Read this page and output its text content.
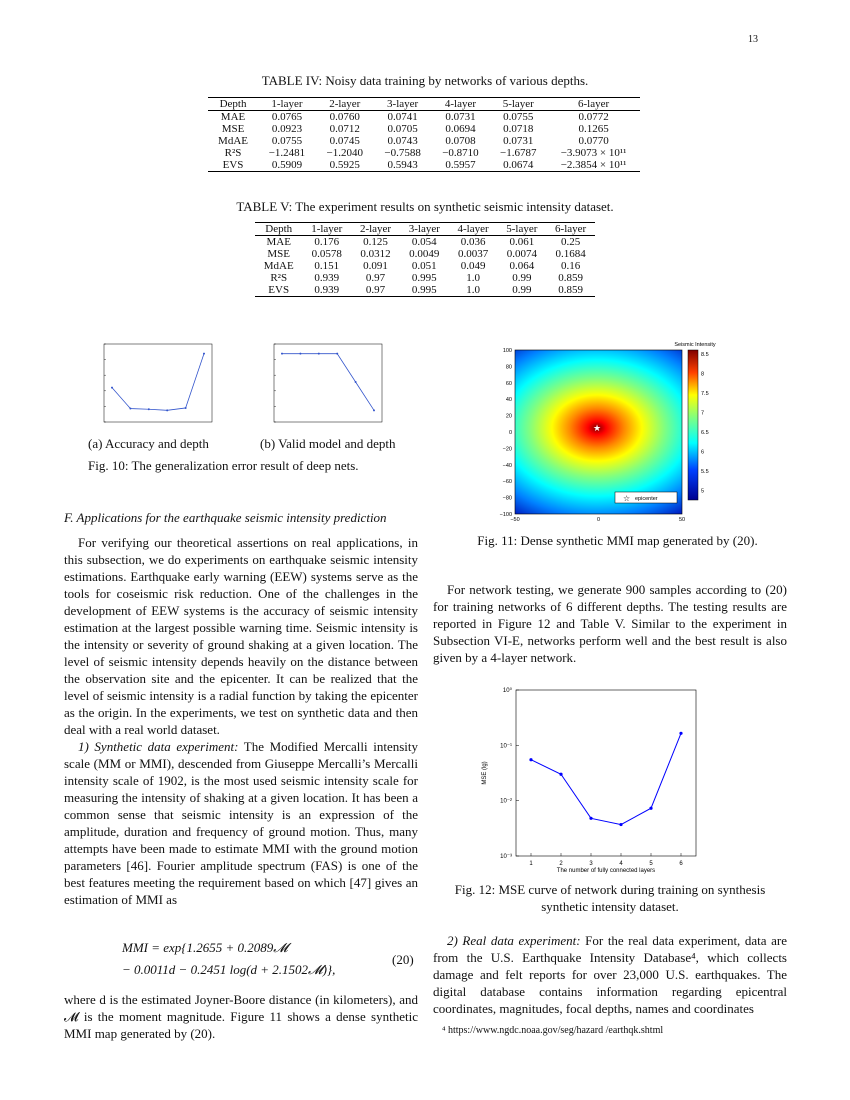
13
TABLE IV: Noisy data training by networks of various depths.
Depth	1-layer	2-layer	3-layer	4-layer	5-layer	6-layer
MAE	0.0765	0.0760	0.0741	0.0731	0.0755	0.0772
MSE	0.0923	0.0712	0.0705	0.0694	0.0718	0.1265
MdAE	0.0755	0.0745	0.0743	0.0708	0.0731	0.0770
R²S	−1.2481	−1.2040	−0.7588	−0.8710	−1.6787	−3.9073 × 10¹¹
EVS	0.5909	0.5925	0.5943	0.5957	0.0674	−2.3854 × 10¹¹
TABLE V: The experiment results on synthetic seismic intensity dataset.
Depth	1-layer	2-layer	3-layer	4-layer	5-layer	6-layer
MAE	0.176	0.125	0.054	0.036	0.061	0.25
MSE	0.0578	0.0312	0.0049	0.0037	0.0074	0.1684
MdAE	0.151	0.091	0.051	0.049	0.064	0.16
R²S	0.939	0.97	0.995	1.0	0.99	0.859
EVS	0.939	0.97	0.995	1.0	0.99	0.859
(a) Accuracy and depth	(b) Valid model and depth
Fig. 10: The generalization error result of deep nets.
★
100
80
60
40
20
0
−20
−40
−60
−80
−100
−50	0	50
☆ epicenter
Seismic Intensity
8.5
8
7.5
7
6.5
6
5.5
5
Fig. 11: Dense synthetic MMI map generated by (20).
F. Applications for the earthquake seismic intensity prediction

For verifying our theoretical assertions on real applications, in this subsection, we do experiments on earthquake seismic intensity estimations. Earthquake early warning (EEW) systems serve as the tools for coseismic risk reduction. One of the challenges in the development of EEW systems is the accuracy of seismic intensity estimation at the largest possible warning time. Seismic intensity is the intensity or severity of ground shaking at a given location. The level of seismic intensity depends heavily on the distance between the observation site and the epicenter. It can be realized that the level of seismic intensity is a radial function by taking the epicenter as the origin. In the experiments, we test on synthetic data and then deal with a real world dataset.

1) Synthetic data experiment: The Modified Mercalli intensity scale (MM or MMI), descended from Giuseppe Mercalli’s Mercalli intensity scale of 1902, is the most used seismic intensity scale for measuring the intensity of shaking at a given location. It has been a common sense that seismic intensity is an expression of the amplitude, duration and frequency of ground motion. Thus, many attempts have been made to estimate MMI with the ground motion parameters [46]. Fourier amplitude spectrum (FAS) is one of the best features meeting the requirement based on which [47] gives an estimation of MMI as

MMI = exp{1.2655 + 0.2089𝓜
− 0.0011d − 0.2451 log(d + 2.1502𝓜)},
(20)

where d is the estimated Joyner-Boore distance (in kilometers), and 𝓜 is the moment magnitude. Figure 11 shows a dense synthetic MMI map generated by (20).

For network testing, we generate 900 samples according to (20) for training networks of 6 different depths. The testing results are reported in Figure 12 and Table V. Similar to the experiment in Subsection VI-E, networks perform well and the best result is also given by a 4-layer network.

10⁰
10⁻¹
10⁻²
10⁻³
1	2	3	4	5	6
The number of fully connected layers
MSE (lg)
Fig. 12: MSE curve of network during training on synthesis
synthetic intensity dataset.

2) Real data experiment: For the real data experiment, data are from the U.S. Earthquake Intensity Database⁴, which collects damage and felt reports for over 23,000 U.S. earthquakes. The digital database contains information regarding epicentral coordinates, magnitudes, focal depths, names and coordinates

⁴ https://www.ngdc.noaa.gov/seg/hazard /earthqk.shtml
